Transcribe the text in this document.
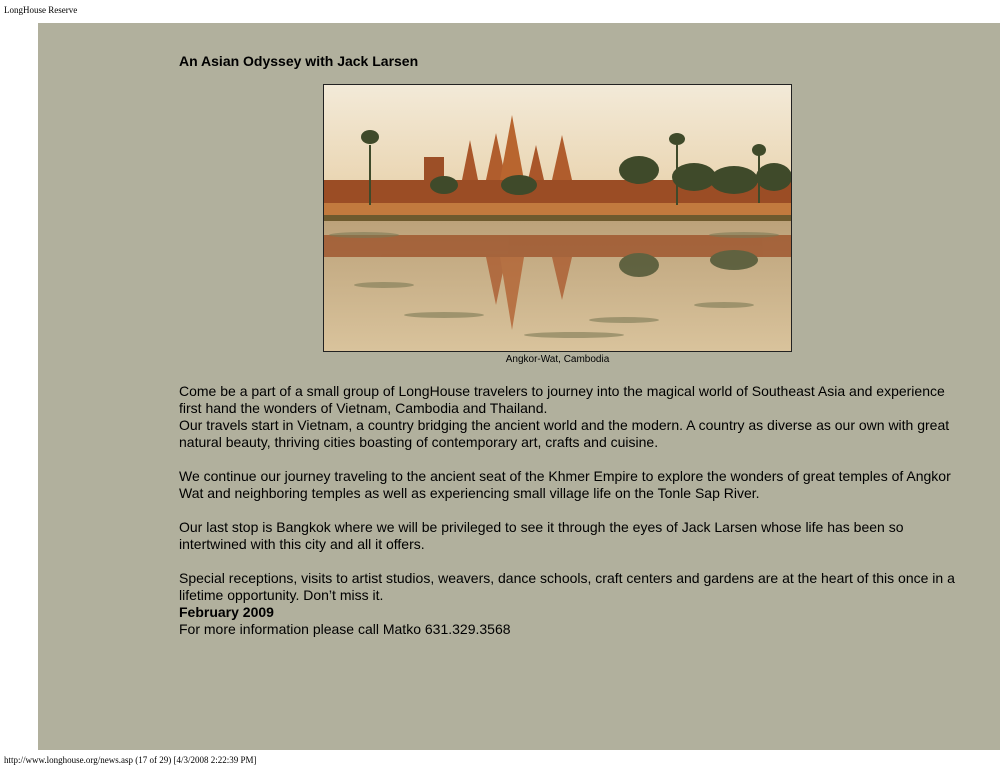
LongHouse Reserve
An Asian Odyssey with Jack Larsen
Angkor-Wat, Cambodia

Come be a part of a small group of LongHouse travelers to journey into the magical world of Southeast Asia and experience first hand the wonders of Vietnam, Cambodia and Thailand.

Our travels start in Vietnam, a country bridging the ancient world and the modern. A country as diverse as our own with great natural beauty, thriving cities boasting of contemporary art, crafts and cuisine.

We continue our journey traveling to the ancient seat of the Khmer Empire to explore the wonders of great temples of Angkor Wat and neighboring temples as well as experiencing small village life on the Tonle Sap River.

Our last stop is Bangkok where we will be privileged to see it through the eyes of Jack Larsen whose life has been so intertwined with this city and all it offers.

Special receptions, visits to artist studios, weavers, dance schools, craft centers and gardens are at the heart of this once in a lifetime opportunity. Don’t miss it.

February 2009

For more information please call Matko 631.329.3568

http://www.longhouse.org/news.asp (17 of 29) [4/3/2008 2:22:39 PM]
